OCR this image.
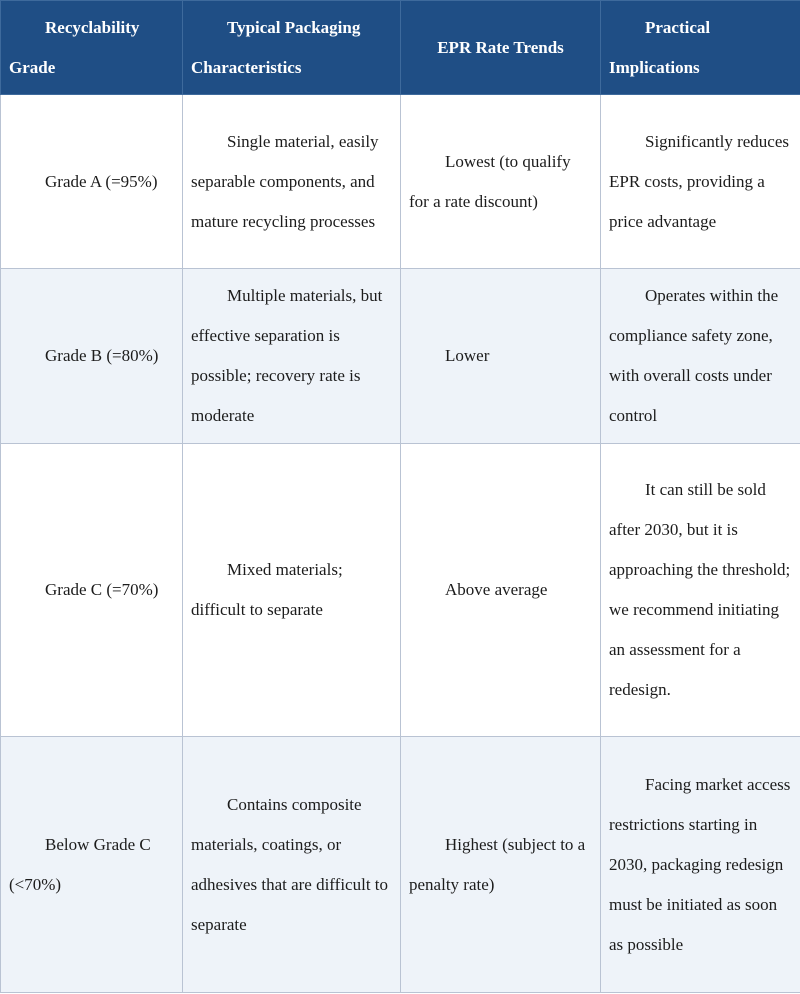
Recyclability Grade	Typical Packaging Characteristics	EPR Rate Trends	Practical Implications

Grade A (=95%)	Single material, easily separable components, and mature recycling processes	Lowest (to qualify for a rate discount)	Significantly reduces EPR costs, providing a price advantage

Grade B (=80%)	Multiple materials, but effective separation is possible; recovery rate is moderate	Lower	Operates within the compliance safety zone, with overall costs under control

Grade C (=70%)	Mixed materials; difficult to separate	Above average	It can still be sold after 2030, but it is approaching the threshold; we recommend initiating an assessment for a redesign.

Below Grade C (<70%)	Contains composite materials, coatings, or adhesives that are difficult to separate	Highest (subject to a penalty rate)	Facing market access restrictions starting in 2030, packaging redesign must be initiated as soon as possible
